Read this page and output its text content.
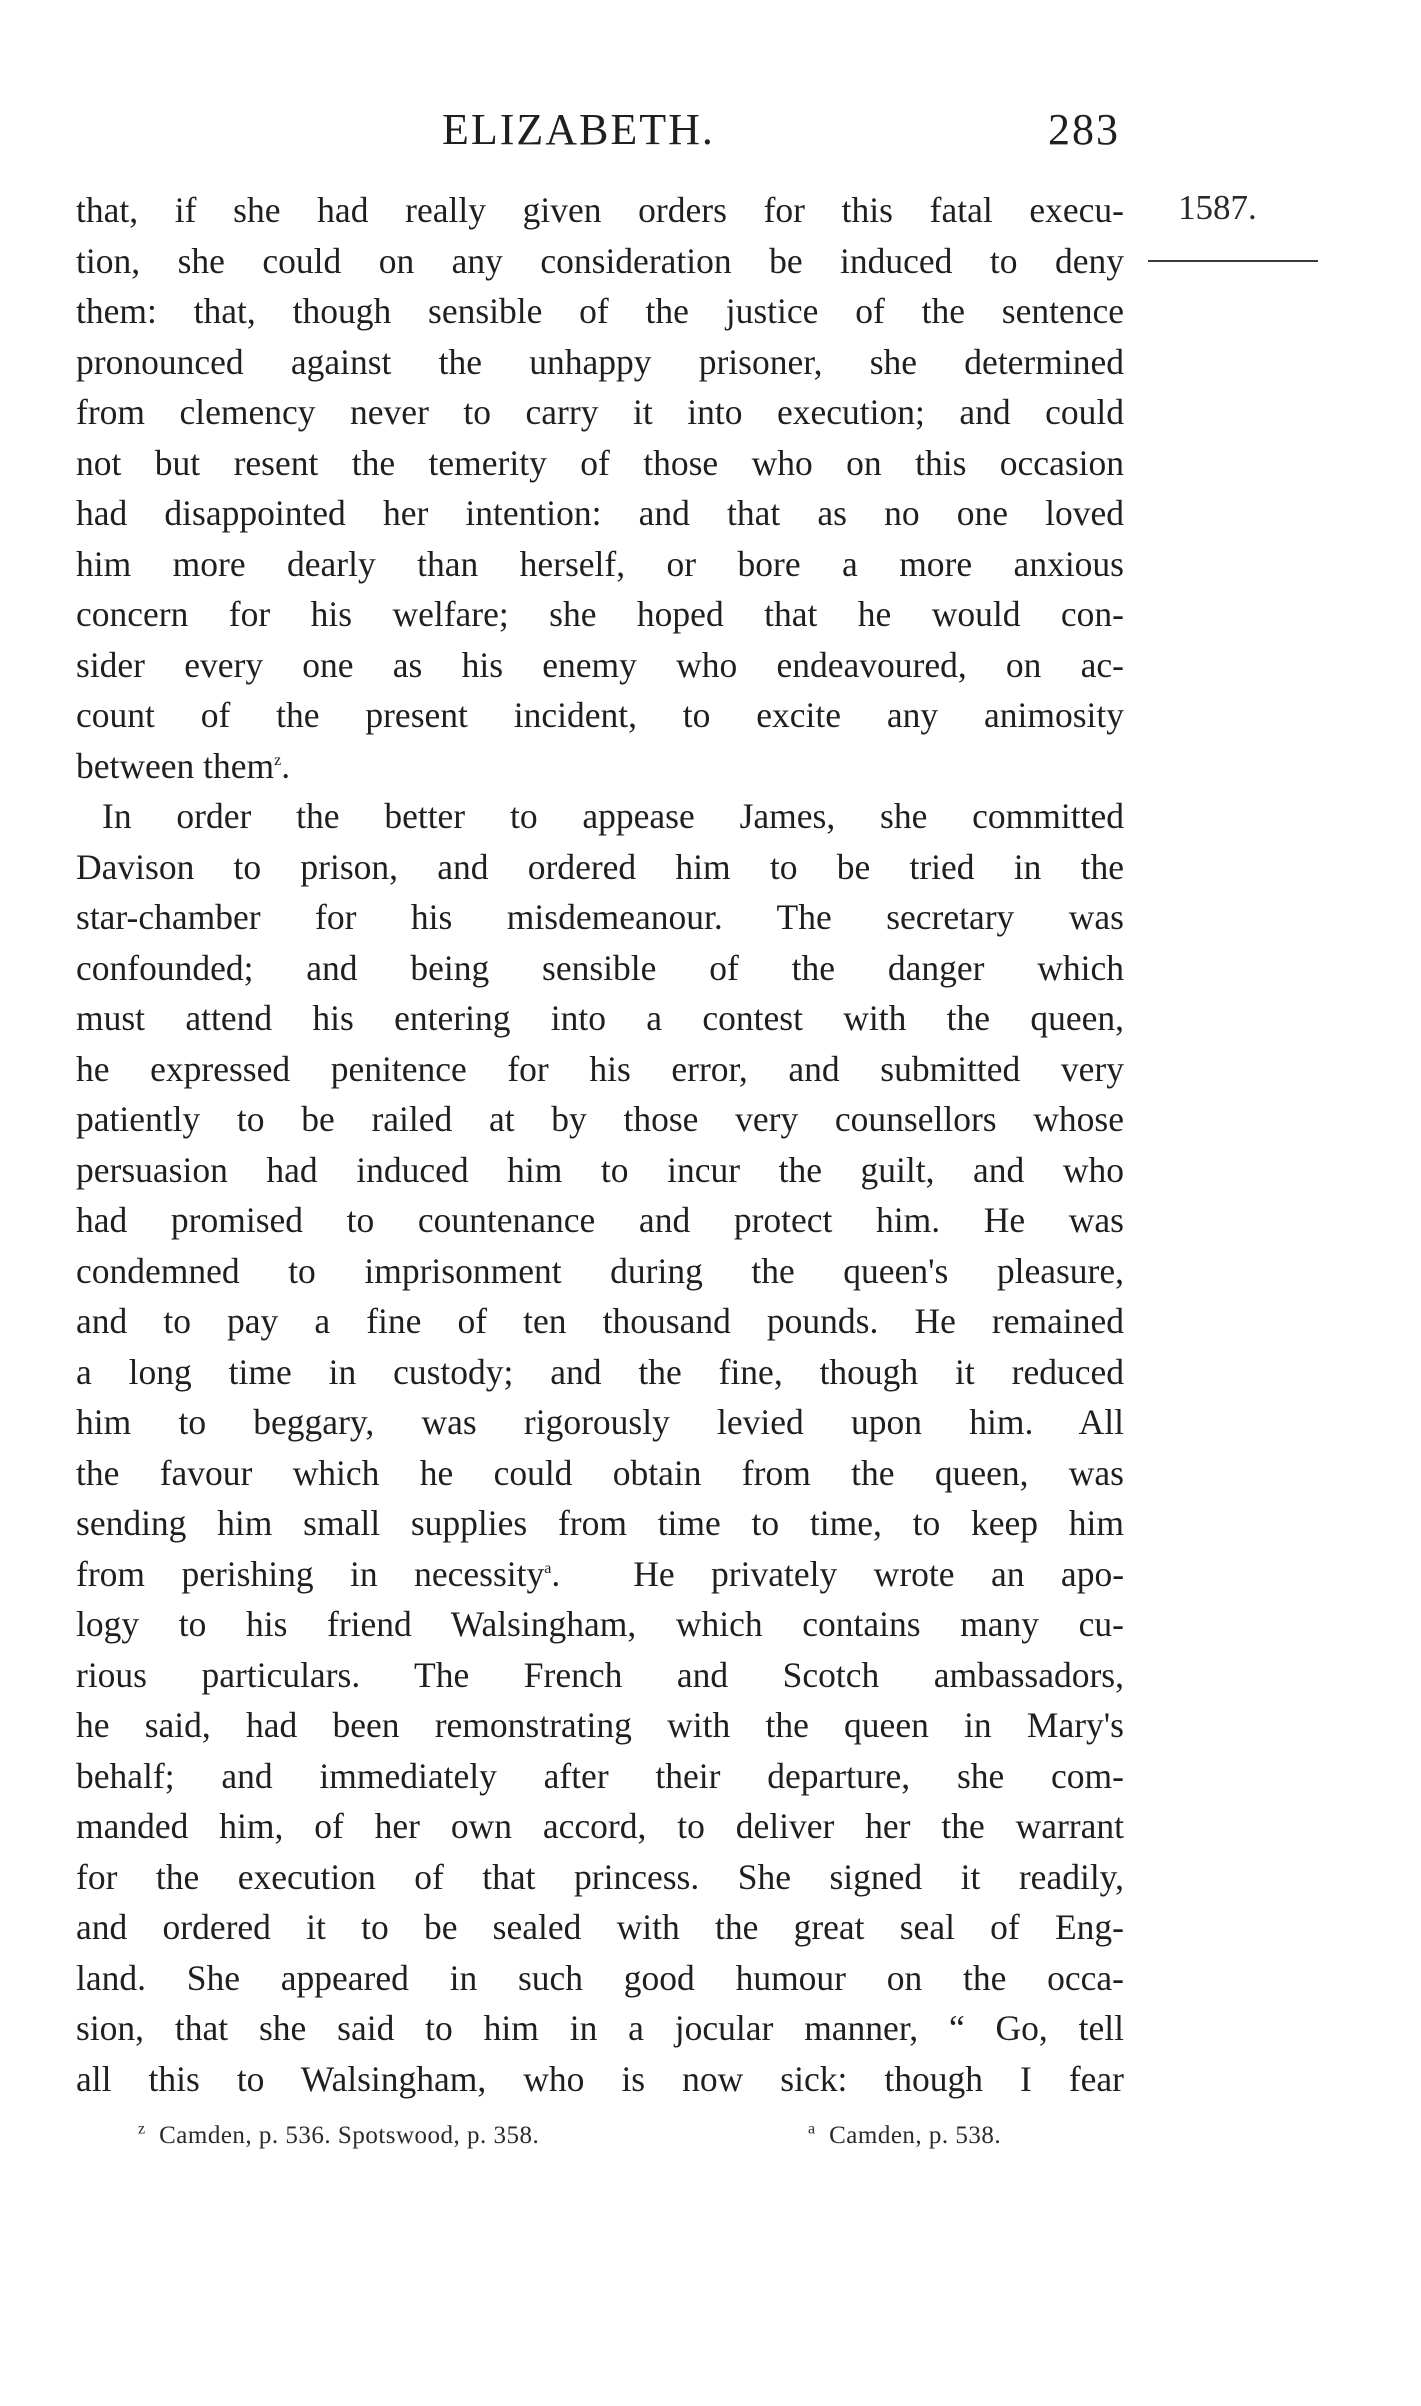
ELIZABETH.	283
1587.
that, if she had really given orders for this fatal execu-
tion, she could on any consideration be induced to deny
them: that, though sensible of the justice of the sentence
pronounced against the unhappy prisoner, she determined
from clemency never to carry it into execution; and could
not but resent the temerity of those who on this occasion
had disappointed her intention: and that as no one loved
him more dearly than herself, or bore a more anxious
concern for his welfare; she hoped that he would con-
sider every one as his enemy who endeavoured, on ac-
count of the present incident, to excite any animosity
between them$^z$.
In order the better to appease James, she committed
Davison to prison, and ordered him to be tried in the
star-chamber for his misdemeanour. The secretary was
confounded; and being sensible of the danger which
must attend his entering into a contest with the queen,
he expressed penitence for his error, and submitted very
patiently to be railed at by those very counsellors whose
persuasion had induced him to incur the guilt, and who
had promised to countenance and protect him. He was
condemned to imprisonment during the queen's pleasure,
and to pay a fine of ten thousand pounds. He remained
a long time in custody; and the fine, though it reduced
him to beggary, was rigorously levied upon him. All
the favour which he could obtain from the queen, was
sending him small supplies from time to time, to keep him
from perishing in necessity$^a$. He privately wrote an apo-
logy to his friend Walsingham, which contains many cu-
rious particulars. The French and Scotch ambassadors,
he said, had been remonstrating with the queen in Mary's
behalf; and immediately after their departure, she com-
manded him, of her own accord, to deliver her the warrant
for the execution of that princess. She signed it readily,
and ordered it to be sealed with the great seal of Eng-
land. She appeared in such good humour on the occa-
sion, that she said to him in a jocular manner, “ Go, tell
all this to Walsingham, who is now sick: though I fear
$^z$ Camden, p. 536. Spotswood, p. 358.	$^a$ Camden, p. 538.
